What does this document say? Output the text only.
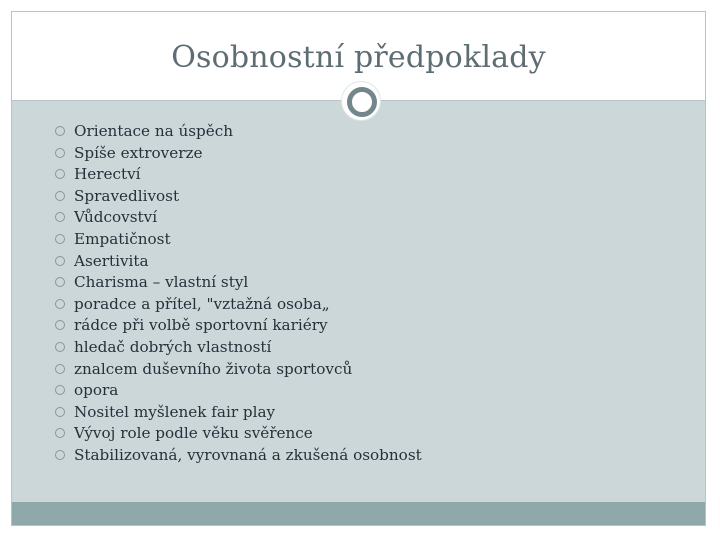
Osobnostní předpoklady
Orientace na úspěch
Spíše extroverze
Herectví
Spravedlivost
Vůdcovství
Empatičnost
Asertivita
Charisma – vlastní styl
poradce a přítel, "vztažná osoba„
rádce při volbě sportovní kariéry
hledač dobrých vlastností
znalcem duševního života sportovců
opora
Nositel myšlenek fair play
Vývoj role podle věku svěřence
Stabilizovaná, vyrovnaná a zkušená osobnost
